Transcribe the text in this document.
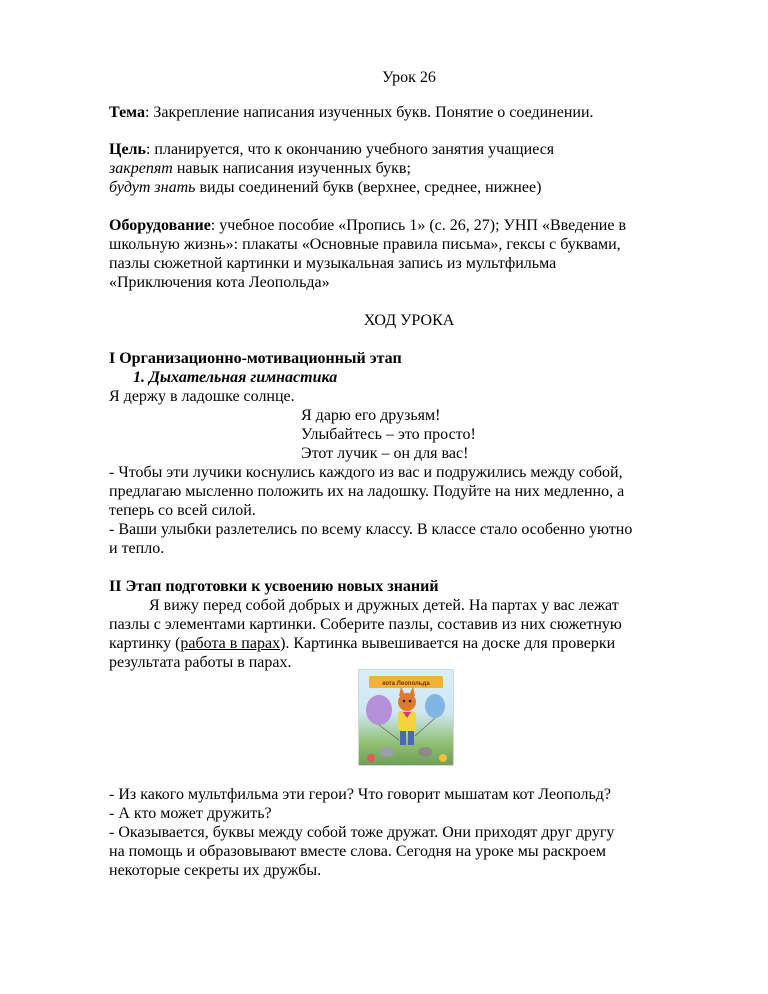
Урок 26
Тема: Закрепление написания изученных букв. Понятие о соединении.
Цель: планируется, что к окончанию учебного занятия учащиеся
закрепят навык написания изученных букв;
будут знать виды соединений букв (верхнее, среднее, нижнее)
Оборудование: учебное пособие «Пропись 1» (с. 26, 27); УНП «Введение в
школьную жизнь»: плакаты «Основные правила письма», гексы с буквами,
пазлы сюжетной картинки и музыкальная запись из мультфильма
«Приключения кота Леопольда»
ХОД УРОКА
I Организационно-мотивационный этап
1. Дыхательная гимнастика
Я держу в ладошке солнце.
Я дарю его друзьям!
Улыбайтесь – это просто!
Этот лучик – он для вас!
- Чтобы эти лучики коснулись каждого из вас и подружились между собой,
предлагаю мысленно положить их на ладошку. Подуйте на них медленно, а
теперь со всей силой.
- Ваши улыбки разлетелись по всему классу. В классе стало особенно уютно
и тепло.
II Этап подготовки к усвоению новых знаний
Я вижу перед собой добрых и дружных детей. На партах у вас лежат
пазлы с элементами картинки. Соберите пазлы, составив из них сюжетную
картинку (работа в парах). Картинка вывешивается на доске для проверки
результата работы в парах.
- Из какого мультфильма эти герои? Что говорит мышатам кот Леопольд?
- А кто может дружить?
- Оказывается, буквы между собой тоже дружат. Они приходят друг другу
на помощь и образовывают вместе слова. Сегодня на уроке мы раскроем
некоторые секреты их дружбы.
кота Леопольда
